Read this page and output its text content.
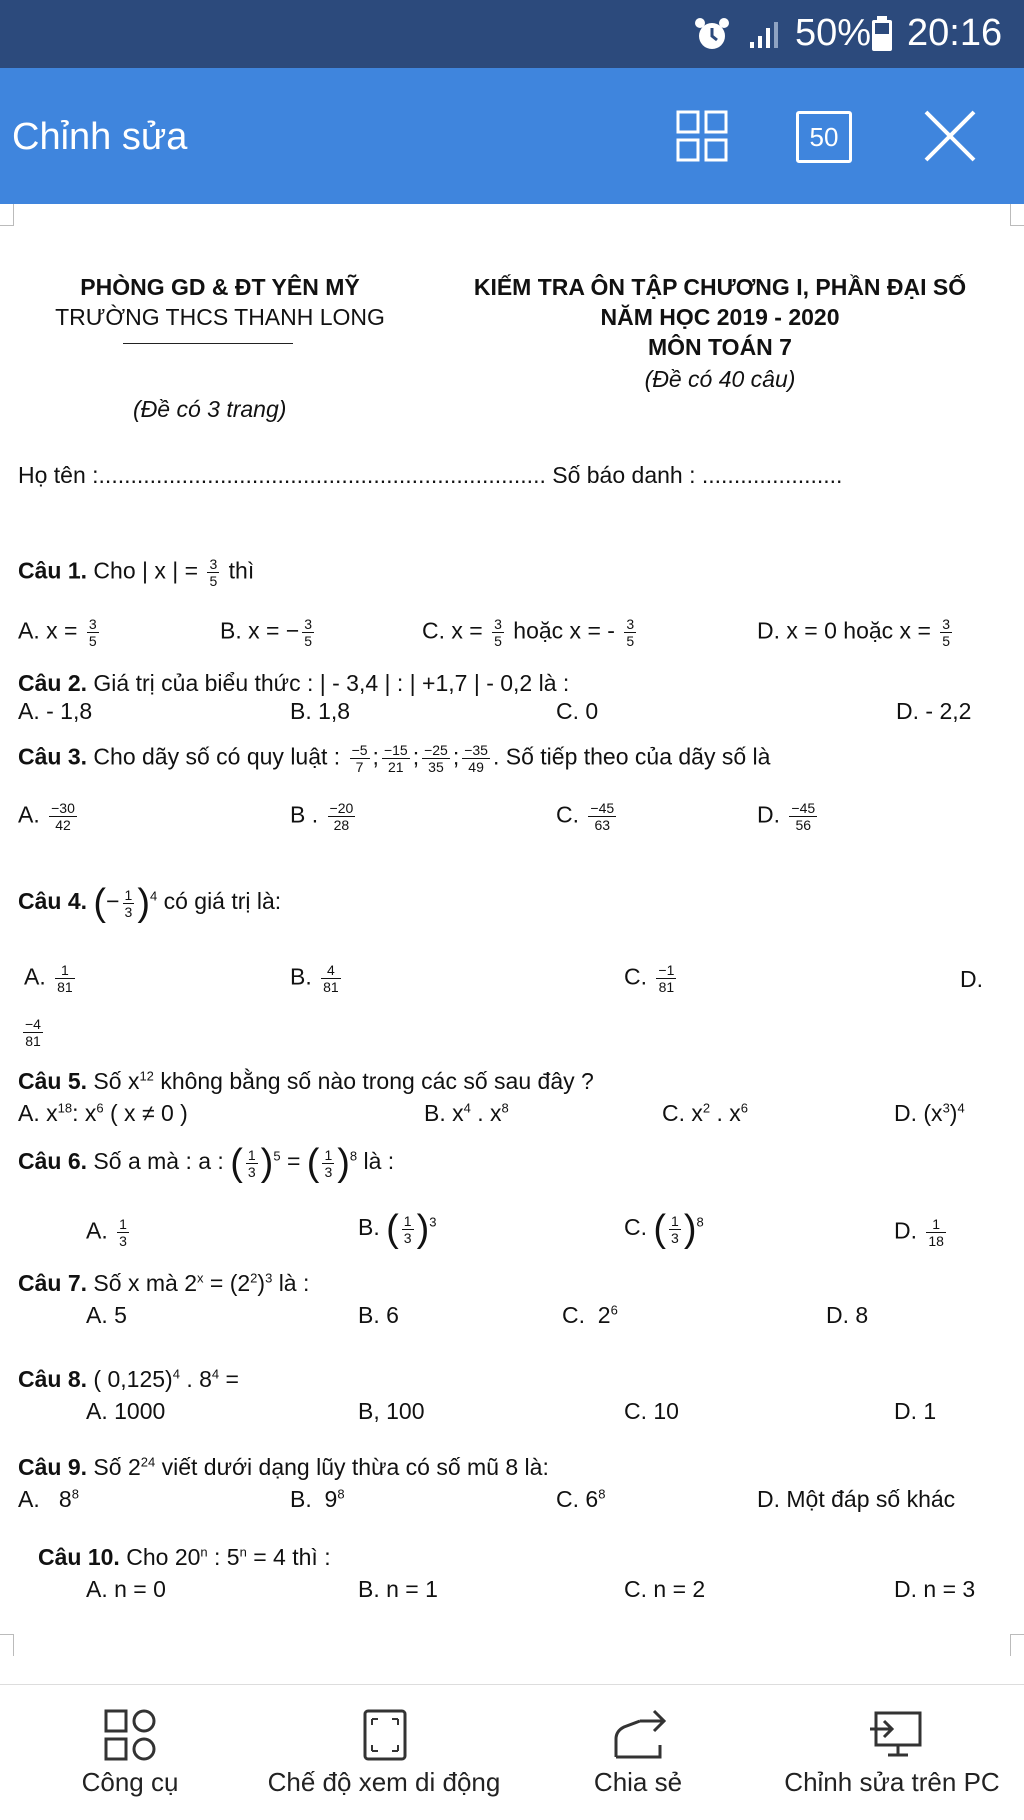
50% 20:16
Chỉnh sửa	50
PHÒNG GD & ĐT YÊN MỸ
TRƯỜNG THCS THANH LONG
(Đề có 3 trang)
KIẾM TRA ÔN TẬP CHƯƠNG I, PHẦN ĐẠI SỐ
NĂM HỌC 2019 - 2020
MÔN TOÁN 7
(Đề có 40 câu)
Họ tên :...................................................................... Số báo danh : ......................
Câu 1. Cho | x | = $\frac{3}{5}$ thì
A. $x = \frac{3}{5}$	B. x = − $\frac{3}{5}$	C. $x = \frac{3}{5}$ hoặc x = - $\frac{3}{5}$	D. x = 0 hoặc $x = \frac{3}{5}$
Câu 2. Giá trị của biểu thức : | - 3,4 | : | +1,7 | - 0,2 là :
A. - 1,8	B. 1,8	C. 0	D. - 2,2
Câu 3. Cho dãy số có quy luật : $\frac{-5}{7}$ ; $\frac{-15}{21}$ ; $\frac{-25}{35}$ ; $\frac{-35}{49}$ . Số tiếp theo của dãy số là
A. $\frac{-30}{42}$	B . $\frac{-20}{28}$	C. $\frac{-45}{63}$	D. $\frac{-45}{56}$
Câu 4. (− $\frac{1}{3} )^4$ có giá trị là:
A. $\frac{1}{81}$	B. $\frac{4}{81}$	C. $\frac{-1}{81}$	D.
$\frac{-4}{81}$
Câu 5. Số $x^{12}$ không bằng số nào trong các số sau đây ?
A. $x^{18}$: $x^6$ ( x ≠ 0 )	B. $x^4$ . $x^8$	C. $x^2$ . $x^6$	D. $(x^3)^4$
Câu 6. Số a mà : a : ( $\frac{1}{3} )^5$ = ( $\frac{1}{3} )^8$ là :
A. $\frac{1}{3}$	B. ( $\frac{1}{3} )^3$	C. ( $\frac{1}{3} )^8$	D. $\frac{1}{18}$
Câu 7. Số x mà $2^x = (2^2)^3$ là :
A. 5	B. 6	C. $2^6$	D. 8
Câu 8. ( 0,125)$^4$ . $8^4$ =
A. 1000	B, 100	C. 10	D. 1
Câu 9. Số $2^{24}$ viết dưới dạng lũy thừa có số mũ 8 là:
A. $8^8$	B. $9^8$	C. $6^8$	D. Một đáp số khác
Câu 10. Cho 20$^n$ : $5^n = 4$ thì :
A. n = 0	B. n = 1	C. n = 2	D. n = 3
Công cụ	Chế độ xem di động	Chia sẻ	Chỉnh sửa trên PC
